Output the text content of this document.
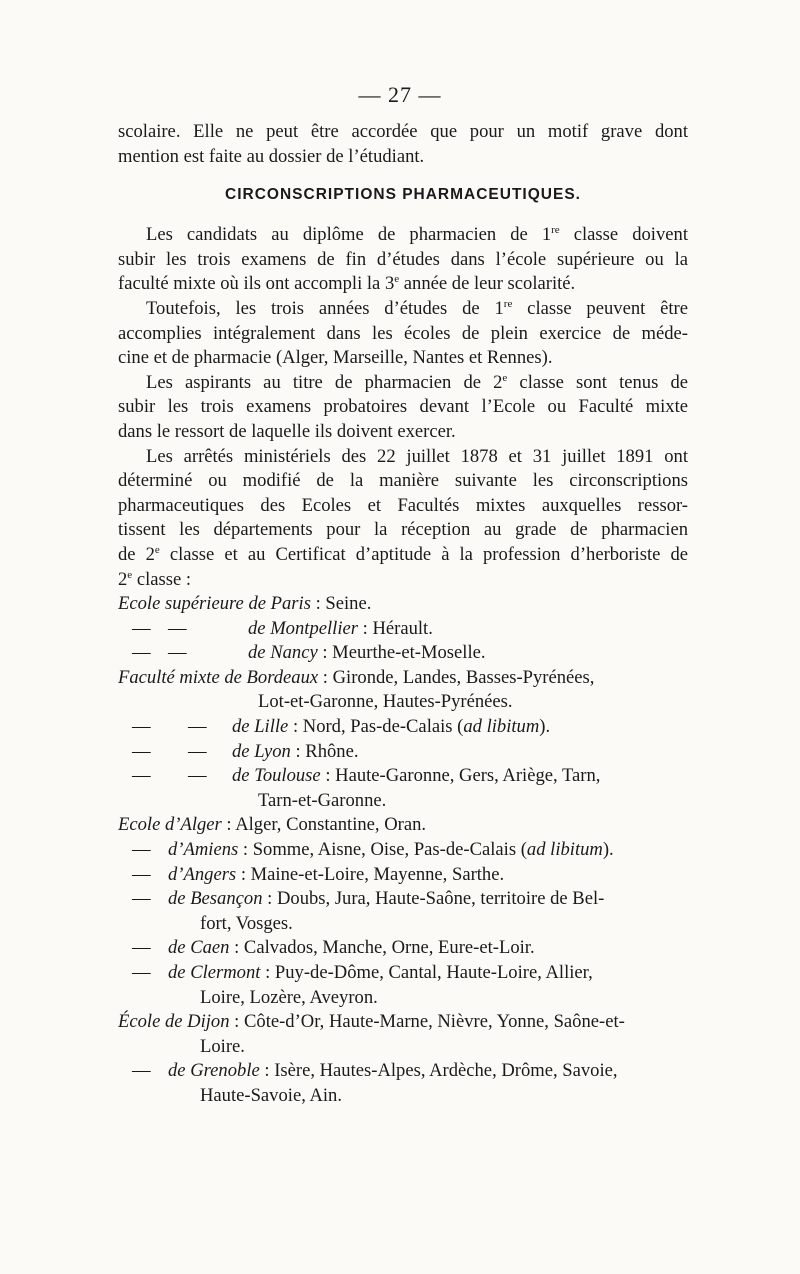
— 27 —
scolaire. Elle ne peut être accordée que pour un motif grave dont
mention est faite au dossier de l’étudiant.
CIRCONSCRIPTIONS PHARMACEUTIQUES.
Les candidats au diplôme de pharmacien de 1re classe doivent
subir les trois examens de fin d’études dans l’école supérieure ou la
faculté mixte où ils ont accompli la 3e année de leur scolarité.
Toutefois, les trois années d’études de 1re classe peuvent être
accomplies intégralement dans les écoles de plein exercice de méde-
cine et de pharmacie (Alger, Marseille, Nantes et Rennes).
Les aspirants au titre de pharmacien de 2e classe sont tenus de
subir les trois examens probatoires devant l’Ecole ou Faculté mixte
dans le ressort de laquelle ils doivent exercer.
Les arrêtés ministériels des 22 juillet 1878 et 31 juillet 1891 ont
déterminé ou modifié de la manière suivante les circonscriptions
pharmaceutiques des Ecoles et Facultés mixtes auxquelles ressor-
tissent les départements pour la réception au grade de pharmacien
de 2e classe et au Certificat d’aptitude à la profession d’herboriste de
2e classe :
Ecole supérieure de Paris : Seine.
— —	de Montpellier : Hérault.
— —	de Nancy : Meurthe-et-Moselle.
Faculté mixte de Bordeaux : Gironde, Landes, Basses-Pyrénées,
Lot-et-Garonne, Hautes-Pyrénées.
— — de Lille : Nord, Pas-de-Calais (ad libitum).
— — de Lyon : Rhône.
— — de Toulouse : Haute-Garonne, Gers, Ariège, Tarn,
Tarn-et-Garonne.
Ecole d’Alger : Alger, Constantine, Oran.
— d’Amiens : Somme, Aisne, Oise, Pas-de-Calais (ad libitum).
— d’Angers : Maine-et-Loire, Mayenne, Sarthe.
— de Besançon : Doubs, Jura, Haute-Saône, territoire de Bel-
fort, Vosges.
— de Caen : Calvados, Manche, Orne, Eure-et-Loir.
— de Clermont : Puy-de-Dôme, Cantal, Haute-Loire, Allier,
Loire, Lozère, Aveyron.
École de Dijon : Côte-d’Or, Haute-Marne, Nièvre, Yonne, Saône-et-
Loire.
— de Grenoble : Isère, Hautes-Alpes, Ardèche, Drôme, Savoie,
Haute-Savoie, Ain.
